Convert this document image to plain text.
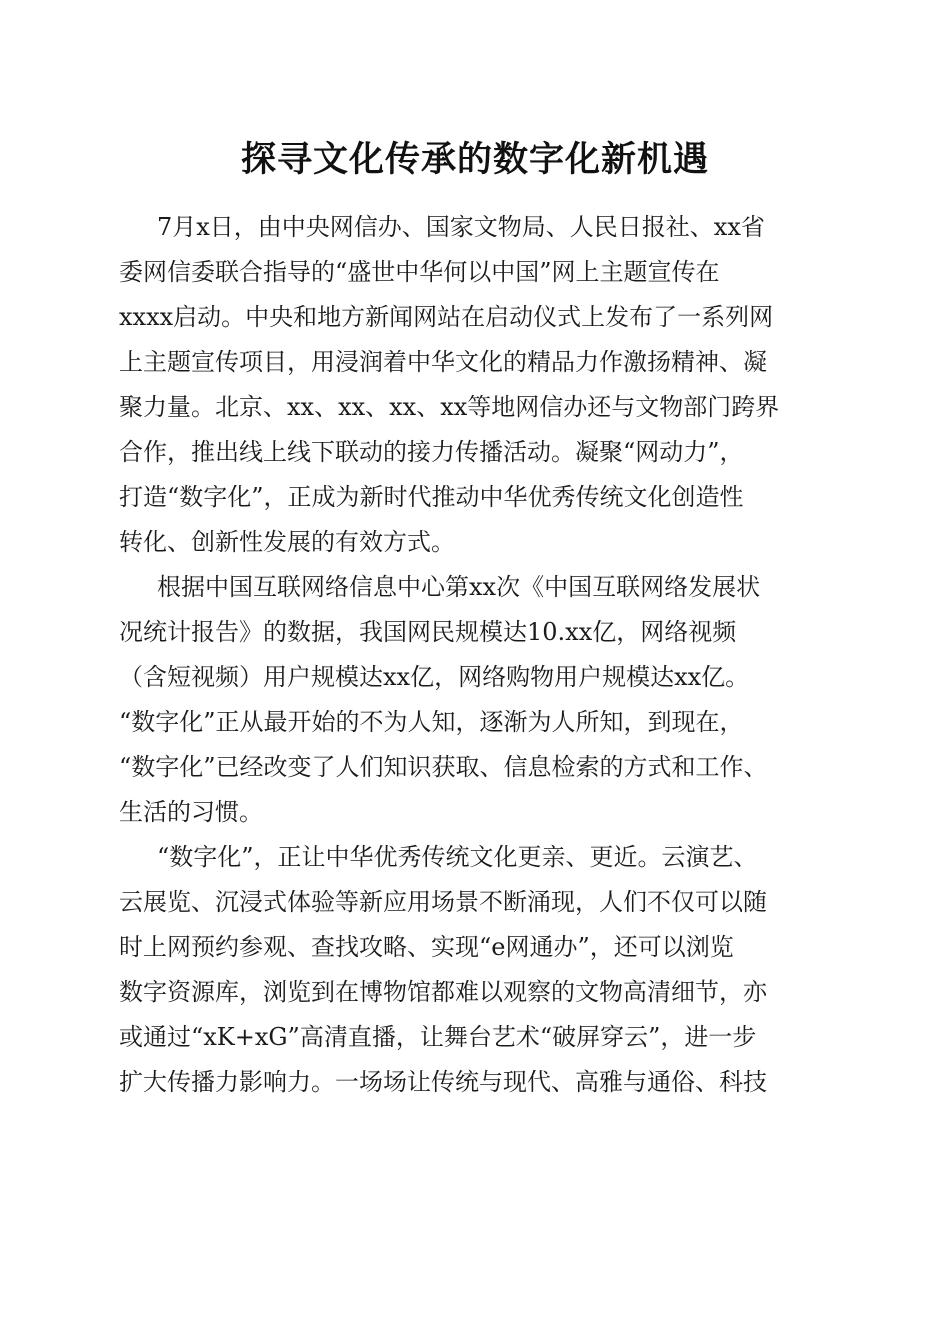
探寻文化传承的数字化新机遇
7月x日，由中央网信办、国家文物局、人民日报社、xx省
委网信委联合指导的“盛世中华何以中国”网上主题宣传在
xxxx启动。中央和地方新闻网站在启动仪式上发布了一系列网
上主题宣传项目，用浸润着中华文化的精品力作激扬精神、凝
聚力量。北京、xx、xx、xx、xx等地网信办还与文物部门跨界
合作，推出线上线下联动的接力传播活动。凝聚“网动力”，
打造“数字化”，正成为新时代推动中华优秀传统文化创造性
转化、创新性发展的有效方式。
根据中国互联网络信息中心第xx次《中国互联网络发展状
况统计报告》的数据，我国网民规模达10.xx亿，网络视频
（含短视频）用户规模达xx亿，网络购物用户规模达xx亿。
“数字化”正从最开始的不为人知，逐渐为人所知，到现在，
“数字化”已经改变了人们知识获取、信息检索的方式和工作、
生活的习惯。
“数字化”，正让中华优秀传统文化更亲、更近。云演艺、
云展览、沉浸式体验等新应用场景不断涌现，人们不仅可以随
时上网预约参观、查找攻略、实现“e网通办”，还可以浏览
数字资源库，浏览到在博物馆都难以观察的文物高清细节，亦
或通过“xK+xG”高清直播，让舞台艺术“破屏穿云”，进一步
扩大传播力影响力。一场场让传统与现代、高雅与通俗、科技
